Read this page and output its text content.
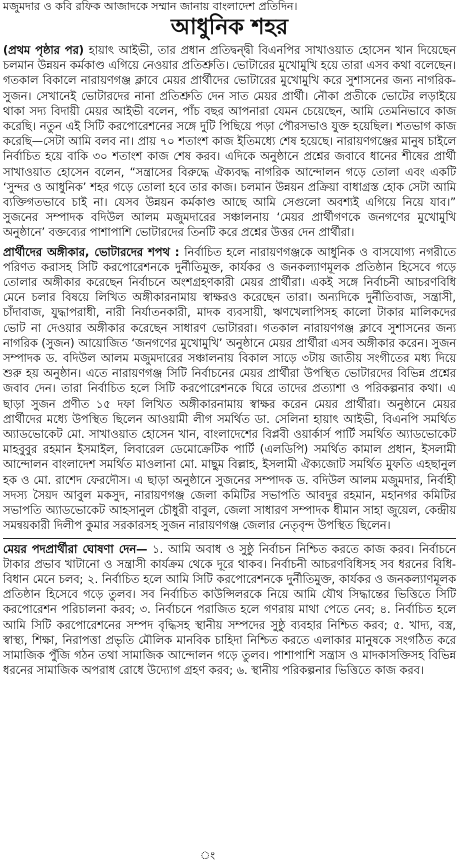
মজুমদার ও কবি রফিক আজাদকে সম্মান জানায় বাংলাদেশ প্রতিদিন।
আধুনিক শহর

(প্রথম পৃষ্ঠার পর) হায়াৎ আইভী, তার প্রধান প্রতিদ্বন্দ্বী বিএনপির সাখাওয়াত হোসেন খান দিয়েছেন চলমান উন্নয়ন কর্মকাণ্ড এগিয়ে নেওয়ার প্রতিশ্রুতি। ভোটারের মুখোমুখি হয়ে তারা এসব কথা বলেছেন। গতকাল বিকালে নারায়ণগঞ্জ ক্লাবে মেয়র প্রার্থীদের ভোটারের মুখোমুখি করে সুশাসনের জন্য নাগরিক-সুজন। সেখানেই ভোটারদের নানা প্রতিশ্রুতি দেন সাত মেয়র প্রার্থী। নৌকা প্রতীকে ভোটের লড়াইয়ে থাকা সদ্য বিদায়ী মেয়র আইভী বলেন, পাঁচ বছর আপনারা যেমন চেয়েছেন, আমি তেমনিভাবে কাজ করেছি। নতুন এই সিটি করপোরেশনের সঙ্গে দুটি পিছিয়ে পড়া পৌরসভাও যুক্ত হয়েছিল। শতভাগ কাজ করেছি—সেটা আমি বলব না। প্রায় ৭০ শতাংশ কাজ ইতিমধ্যে শেষ হয়েছে। নারায়ণগঞ্জের মানুষ চাইলে নির্বাচিত হয়ে বাকি ৩০ শতাংশ কাজ শেষ করব। এদিকে অনুষ্ঠানে প্রশ্নের জবাবে ধানের শীষের প্রার্থী সাখাওয়াত হোসেন বলেন, “সন্ত্রাসের বিরুদ্ধে ঐক্যবদ্ধ নাগরিক আন্দোলন গড়ে তোলা এবং একটি ‘সুন্দর ও আধুনিক’ শহর গড়ে তোলা হবে তার কাজ। চলমান উন্নয়ন প্রক্রিয়া বাধাগ্রস্ত হোক সেটা আমি ব্যক্তিগতভাবে চাই না। যেসব উন্নয়ন কর্মকাণ্ড আছে আমি সেগুলো অবশ্যই এগিয়ে নিয়ে যাব।” সুজনের সম্পাদক বদিউল আলম মজুমদারের সঞ্চালনায় ‘মেয়র প্রার্থীগণকে জনগণের মুখোমুখি অনুষ্ঠানে’ বক্তব্যের পাশাপাশি ভোটারদের তিনটি করে প্রশ্নের উত্তর দেন প্রার্থীরা।

প্রার্থীদের অঙ্গীকার, ভোটারদের শপথ : নির্বাচিত হলে নারায়ণগঞ্জকে আধুনিক ও বাসযোগ্য নগরীতে পরিণত করাসহ সিটি করপোরেশনকে দুর্নীতিমুক্ত, কার্যকর ও জনকল্যাণমূলক প্রতিষ্ঠান হিসেবে গড়ে তোলার অঙ্গীকার করেছেন নির্বাচনে অংশগ্রহণকারী মেয়র প্রার্থীরা। একই সঙ্গে নির্বাচনী আচরণবিধি মেনে চলার বিষয়ে লিখিত অঙ্গীকারনামায় স্বাক্ষরও করেছেন তারা। অন্যদিকে দুর্নীতিবাজ, সন্ত্রাসী, চাঁদাবাজ, যুদ্ধাপরাধী, নারী নির্যাতনকারী, মাদক ব্যবসায়ী, ঋণখেলাপিসহ কালো টাকার মালিকদের ভোট না দেওয়ার অঙ্গীকার করেছেন সাধারণ ভোটাররা। গতকাল নারায়ণগঞ্জ ক্লাবে সুশাসনের জন্য নাগরিক (সুজন) আয়োজিত ‘জনগণের মুখোমুখি’ অনুষ্ঠানে মেয়র প্রার্থীরা এসব অঙ্গীকার করেন। সুজন সম্পাদক ড. বদিউল আলম মজুমদারের সঞ্চালনায় বিকাল সাড়ে ৩টায় জাতীয় সংগীতের মধ্য দিয়ে শুরু হয় অনুষ্ঠান। এতে নারায়ণগঞ্জ সিটি নির্বাচনের মেয়র প্রার্থীরা উপস্থিত ভোটারদের বিভিন্ন প্রশ্নের জবাব দেন। তারা নির্বাচিত হলে সিটি করপোরেশনকে ঘিরে তাদের প্রত্যাশা ও পরিকল্পনার কথা। এ ছাড়া সুজন প্রণীত ১৫ দফা লিখিত অঙ্গীকারনামায় স্বাক্ষর করেন মেয়র প্রার্থীরা। অনুষ্ঠানে মেয়র প্রার্থীদের মধ্যে উপস্থিত ছিলেন আওয়ামী লীগ সমর্থিত ডা. সেলিনা হায়াৎ আইভী, বিএনপি সমর্থিত অ্যাডভোকেট মো. সাখাওয়াত হোসেন খান, বাংলাদেশের বিপ্লবী ওয়ার্কার্স পার্টি সমর্থিত অ্যাডভোকেট মাহবুবুর রহমান ইসমাইল, লিবারেল ডেমোক্রেটিক পার্টি (এলডিপি) সমর্থিত কামাল প্রধান, ইসলামী আন্দোলন বাংলাদেশ সমর্থিত মাওলানা মো. মাছুম বিল্লাহ, ইসলামী ঐক্যজোট সমর্থিত মুফতি এহছানুল হক ও মো. রাশেদ ফেরদৌস। এ ছাড়া অনুষ্ঠানে সুজনের সম্পাদক ড. বদিউল আলম মজুমদার, নির্বাহী সদস্য সৈয়দ আবুল মকসুদ, নারায়ণগঞ্জ জেলা কমিটির সভাপতি আবদুর রহমান, মহানগর কমিটির সভাপতি অ্যাডভোকেট আহসানুল চৌধুরী বাবুল, জেলা সাধারণ সম্পাদক ধীমান সাহা জুয়েল, কেন্দ্রীয় সমন্বয়কারী দিলীপ কুমার সরকারসহ সুজন নারায়ণগঞ্জ জেলার নেতৃবৃন্দ উপস্থিত ছিলেন।

মেয়র পদপ্রার্থীরা ঘোষণা দেন— ১. আমি অবাধ ও সুষ্ঠু নির্বাচন নিশ্চিত করতে কাজ করব। নির্বাচনে টাকার প্রভাব খাটানো ও সন্ত্রাসী কার্যক্রম থেকে দূরে থাকব। নির্বাচনী আচরণবিধিসহ সব ধরনের বিধি-বিধান মেনে চলব; ২. নির্বাচিত হলে আমি সিটি করপোরেশনকে দুর্নীতিমুক্ত, কার্যকর ও জনকল্যাণমূলক প্রতিষ্ঠান হিসেবে গড়ে তুলব। সব নির্বাচিত কাউন্সিলরকে নিয়ে আমি যৌথ সিদ্ধান্তের ভিত্তিতে সিটি করপোরেশন পরিচালনা করব; ৩. নির্বাচনে পরাজিত হলে গণরায় মাথা পেতে নেব; ৪. নির্বাচিত হলে আমি সিটি করপোরেশনের সম্পদ বৃদ্ধিসহ স্থানীয় সম্পদের সুষ্ঠু ব্যবহার নিশ্চিত করব; ৫. খাদ্য, বস্ত্র, স্বাস্থ্য, শিক্ষা, নিরাপত্তা প্রভৃতি মৌলিক মানবিক চাহিদা নিশ্চিত করতে এলাকার মানুষকে সংগঠিত করে সামাজিক পুঁজি গঠন তথা সামাজিক আন্দোলন গড়ে তুলব। পাশাপাশি সন্ত্রাস ও মাদকাসক্তিসহ বিভিন্ন ধরনের সামাজিক অপরাধ রোধে উদ্যোগ গ্রহণ করব; ৬. স্থানীয় পরিকল্পনার ভিত্তিতে কাজ করব।

ং
